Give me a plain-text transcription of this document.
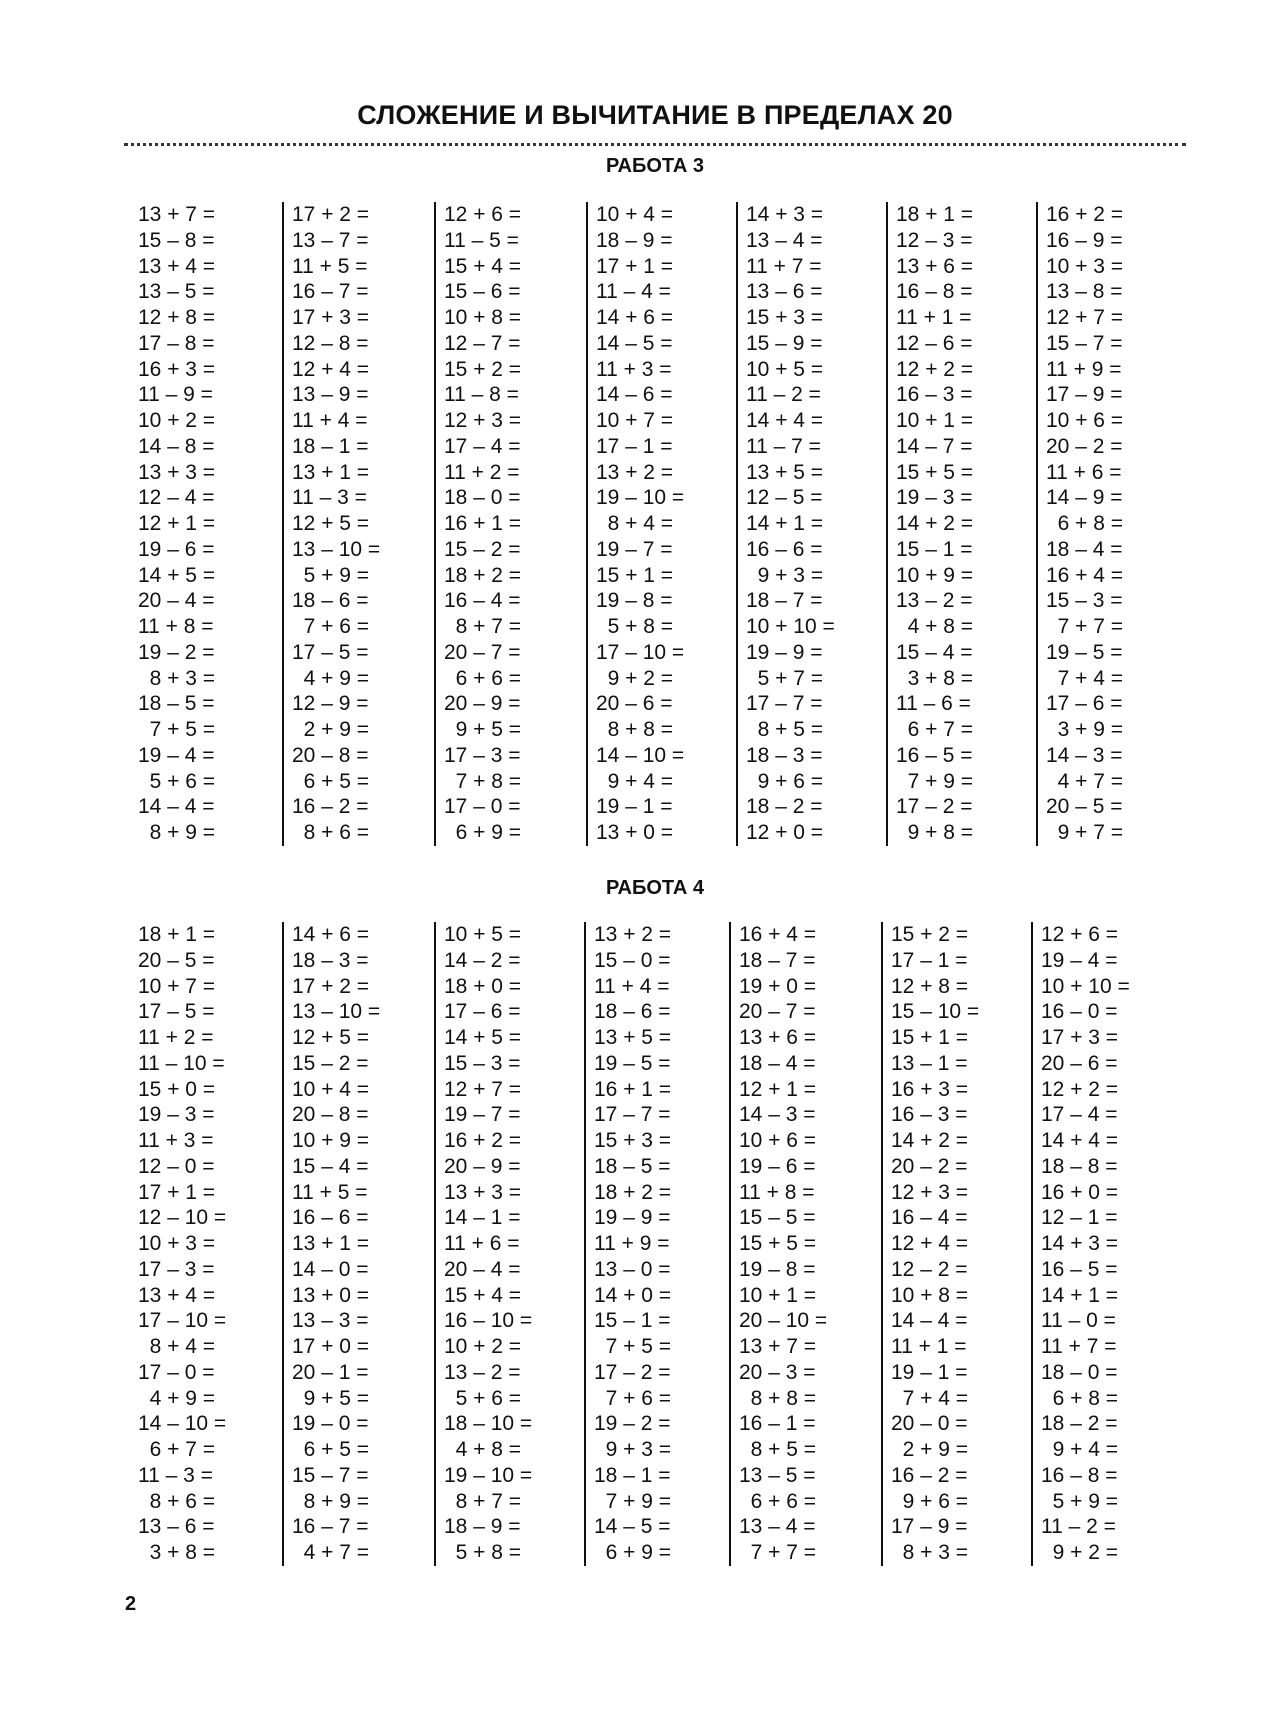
СЛОЖЕНИЕ И ВЫЧИТАНИЕ В ПРЕДЕЛАХ 20
РАБОТА 3
13 + 7 =
15 – 8 =
13 + 4 =
13 – 5 =
12 + 8 =
17 – 8 =
16 + 3 =
11 – 9 =
10 + 2 =
14 – 8 =
13 + 3 =
12 – 4 =
12 + 1 =
19 – 6 =
14 + 5 =
20 – 4 =
11 + 8 =
19 – 2 =
8 + 3 =
18 – 5 =
7 + 5 =
19 – 4 =
5 + 6 =
14 – 4 =
8 + 9 =
17 + 2 =
13 – 7 =
11 + 5 =
16 – 7 =
17 + 3 =
12 – 8 =
12 + 4 =
13 – 9 =
11 + 4 =
18 – 1 =
13 + 1 =
11 – 3 =
12 + 5 =
13 – 10 =
5 + 9 =
18 – 6 =
7 + 6 =
17 – 5 =
4 + 9 =
12 – 9 =
2 + 9 =
20 – 8 =
6 + 5 =
16 – 2 =
8 + 6 =
12 + 6 =
11 – 5 =
15 + 4 =
15 – 6 =
10 + 8 =
12 – 7 =
15 + 2 =
11 – 8 =
12 + 3 =
17 – 4 =
11 + 2 =
18 – 0 =
16 + 1 =
15 – 2 =
18 + 2 =
16 – 4 =
8 + 7 =
20 – 7 =
6 + 6 =
20 – 9 =
9 + 5 =
17 – 3 =
7 + 8 =
17 – 0 =
6 + 9 =
10 + 4 =
18 – 9 =
17 + 1 =
11 – 4 =
14 + 6 =
14 – 5 =
11 + 3 =
14 – 6 =
10 + 7 =
17 – 1 =
13 + 2 =
19 – 10 =
8 + 4 =
19 – 7 =
15 + 1 =
19 – 8 =
5 + 8 =
17 – 10 =
9 + 2 =
20 – 6 =
8 + 8 =
14 – 10 =
9 + 4 =
19 – 1 =
13 + 0 =
14 + 3 =
13 – 4 =
11 + 7 =
13 – 6 =
15 + 3 =
15 – 9 =
10 + 5 =
11 – 2 =
14 + 4 =
11 – 7 =
13 + 5 =
12 – 5 =
14 + 1 =
16 – 6 =
9 + 3 =
18 – 7 =
10 + 10 =
19 – 9 =
5 + 7 =
17 – 7 =
8 + 5 =
18 – 3 =
9 + 6 =
18 – 2 =
12 + 0 =
18 + 1 =
12 – 3 =
13 + 6 =
16 – 8 =
11 + 1 =
12 – 6 =
12 + 2 =
16 – 3 =
10 + 1 =
14 – 7 =
15 + 5 =
19 – 3 =
14 + 2 =
15 – 1 =
10 + 9 =
13 – 2 =
4 + 8 =
15 – 4 =
3 + 8 =
11 – 6 =
6 + 7 =
16 – 5 =
7 + 9 =
17 – 2 =
9 + 8 =
16 + 2 =
16 – 9 =
10 + 3 =
13 – 8 =
12 + 7 =
15 – 7 =
11 + 9 =
17 – 9 =
10 + 6 =
20 – 2 =
11 + 6 =
14 – 9 =
6 + 8 =
18 – 4 =
16 + 4 =
15 – 3 =
7 + 7 =
19 – 5 =
7 + 4 =
17 – 6 =
3 + 9 =
14 – 3 =
4 + 7 =
20 – 5 =
9 + 7 =
РАБОТА 4
18 + 1 =
20 – 5 =
10 + 7 =
17 – 5 =
11 + 2 =
11 – 10 =
15 + 0 =
19 – 3 =
11 + 3 =
12 – 0 =
17 + 1 =
12 – 10 =
10 + 3 =
17 – 3 =
13 + 4 =
17 – 10 =
8 + 4 =
17 – 0 =
4 + 9 =
14 – 10 =
6 + 7 =
11 – 3 =
8 + 6 =
13 – 6 =
3 + 8 =
14 + 6 =
18 – 3 =
17 + 2 =
13 – 10 =
12 + 5 =
15 – 2 =
10 + 4 =
20 – 8 =
10 + 9 =
15 – 4 =
11 + 5 =
16 – 6 =
13 + 1 =
14 – 0 =
13 + 0 =
13 – 3 =
17 + 0 =
20 – 1 =
9 + 5 =
19 – 0 =
6 + 5 =
15 – 7 =
8 + 9 =
16 – 7 =
4 + 7 =
10 + 5 =
14 – 2 =
18 + 0 =
17 – 6 =
14 + 5 =
15 – 3 =
12 + 7 =
19 – 7 =
16 + 2 =
20 – 9 =
13 + 3 =
14 – 1 =
11 + 6 =
20 – 4 =
15 + 4 =
16 – 10 =
10 + 2 =
13 – 2 =
5 + 6 =
18 – 10 =
4 + 8 =
19 – 10 =
8 + 7 =
18 – 9 =
5 + 8 =
13 + 2 =
15 – 0 =
11 + 4 =
18 – 6 =
13 + 5 =
19 – 5 =
16 + 1 =
17 – 7 =
15 + 3 =
18 – 5 =
18 + 2 =
19 – 9 =
11 + 9 =
13 – 0 =
14 + 0 =
15 – 1 =
7 + 5 =
17 – 2 =
7 + 6 =
19 – 2 =
9 + 3 =
18 – 1 =
7 + 9 =
14 – 5 =
6 + 9 =
16 + 4 =
18 – 7 =
19 + 0 =
20 – 7 =
13 + 6 =
18 – 4 =
12 + 1 =
14 – 3 =
10 + 6 =
19 – 6 =
11 + 8 =
15 – 5 =
15 + 5 =
19 – 8 =
10 + 1 =
20 – 10 =
13 + 7 =
20 – 3 =
8 + 8 =
16 – 1 =
8 + 5 =
13 – 5 =
6 + 6 =
13 – 4 =
7 + 7 =
15 + 2 =
17 – 1 =
12 + 8 =
15 – 10 =
15 + 1 =
13 – 1 =
16 + 3 =
16 – 3 =
14 + 2 =
20 – 2 =
12 + 3 =
16 – 4 =
12 + 4 =
12 – 2 =
10 + 8 =
14 – 4 =
11 + 1 =
19 – 1 =
7 + 4 =
20 – 0 =
2 + 9 =
16 – 2 =
9 + 6 =
17 – 9 =
8 + 3 =
12 + 6 =
19 – 4 =
10 + 10 =
16 – 0 =
17 + 3 =
20 – 6 =
12 + 2 =
17 – 4 =
14 + 4 =
18 – 8 =
16 + 0 =
12 – 1 =
14 + 3 =
16 – 5 =
14 + 1 =
11 – 0 =
11 + 7 =
18 – 0 =
6 + 8 =
18 – 2 =
9 + 4 =
16 – 8 =
5 + 9 =
11 – 2 =
9 + 2 =
2
